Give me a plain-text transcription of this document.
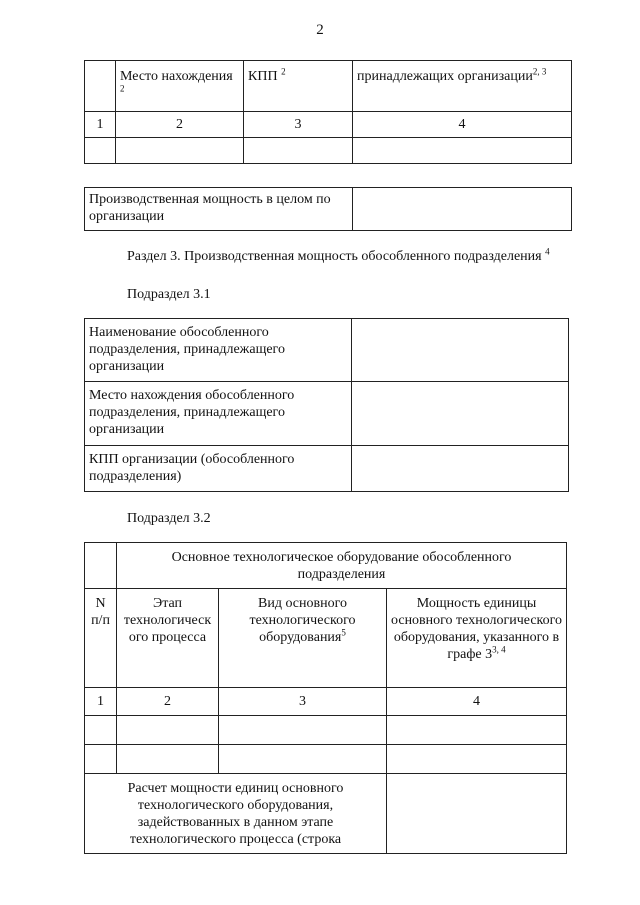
2
	Место нахождения $^2$	КПП $^2$	принадлежащих организации$^{2, 3}$
1	2	3	4

Производственная мощность в целом по организации	
Раздел 3. Производственная мощность обособленного подразделения $^4$
Подраздел 3.1
Наименование обособленного подразделения, принадлежащего организации	
Место нахождения обособленного подразделения, принадлежащего организации	
КПП организации (обособленного подразделения)	
Подраздел 3.2
	Основное технологическое оборудование обособленного подразделения		
N п/п	Этап технологическ ого процесса	Вид основного технологического оборудования$^5$	Мощность единицы основного технологического оборудования, указанного в графе 3$^{3, 4}$
1	2	3	4

Расчет мощности единиц основного технологического оборудования, задействованных в данном этапе технологического процесса (строка			
